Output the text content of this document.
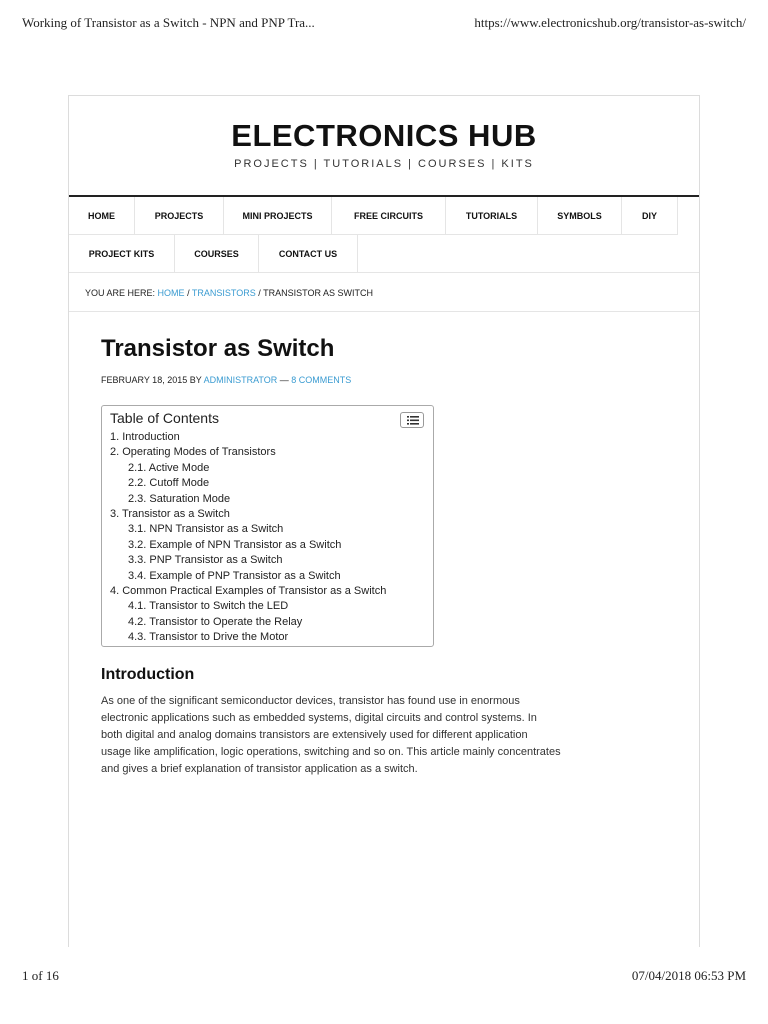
Working of Transistor as a Switch - NPN and PNP Tra...	https://www.electronicshub.org/transistor-as-switch/
ELECTRONICS HUB
PROJECTS | TUTORIALS | COURSES | KITS
HOME	PROJECTS	MINI PROJECTS	FREE CIRCUITS	TUTORIALS	SYMBOLS	DIY
PROJECT KITS	COURSES	CONTACT US
YOU ARE HERE: HOME / TRANSISTORS / TRANSISTOR AS SWITCH
Transistor as Switch
FEBRUARY 18, 2015 BY ADMINISTRATOR — 8 COMMENTS
Table of Contents
1. Introduction
2. Operating Modes of Transistors
2.1. Active Mode
2.2. Cutoff Mode
2.3. Saturation Mode
3. Transistor as a Switch
3.1. NPN Transistor as a Switch
3.2. Example of NPN Transistor as a Switch
3.3. PNP Transistor as a Switch
3.4. Example of PNP Transistor as a Switch
4. Common Practical Examples of Transistor as a Switch
4.1. Transistor to Switch the LED
4.2. Transistor to Operate the Relay
4.3. Transistor to Drive the Motor
Introduction

As one of the significant semiconductor devices, transistor has found use in enormous
electronic applications such as embedded systems, digital circuits and control systems. In
both digital and analog domains transistors are extensively used for different application
usage like amplification, logic operations, switching and so on. This article mainly concentrates
and gives a brief explanation of transistor application as a switch.

1 of 16	07/04/2018 06:53 PM
